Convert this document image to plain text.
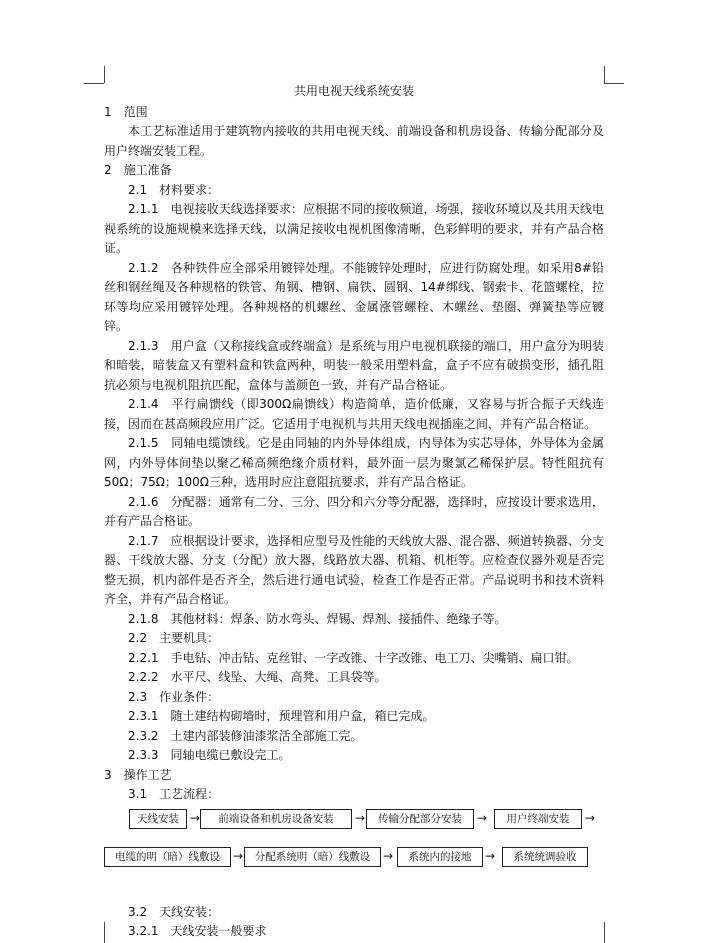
共用电视天线系统安装
1　范围
本工艺标准适用于建筑物内接收的共用电视天线、前端设备和机房设备、传输分配部分及用户终端安装工程。
2　施工准备
2.1　材料要求：
2.1.1　电视接收天线选择要求：应根据不同的接收频道，场强，接收环境以及共用天线电视系统的设施规模来选择天线，以满足接收电视机图像清晰，色彩鲜明的要求，并有产品合格证。
2.1.2　各种铁件应全部采用镀锌处理。不能镀锌处理时，应进行防腐处理。如采用8#铅丝和钢丝绳及各种规格的铁管、角钢、槽钢、扁铁、圆钢、14#绑线、钢索卡、花篮螺栓，拉环等均应采用镀锌处理。各种规格的机螺丝、金属涨管螺栓、木螺丝、垫圈、弹簧垫等应镀锌。
2.1.3　用户盒（又称接线盒或终端盒）是系统与用户电视机联接的端口，用户盒分为明装和暗装，暗装盒又有塑料盒和铁盒两种，明装一般采用塑料盒，盒子不应有破损变形，插孔阻抗必须与电视机阻抗匹配，盒体与盖颜色一致，并有产品合格证。
2.1.4　平行扁馈线（即300Ω扁馈线）构造简单，造价低廉，又容易与折合振子天线连接，因而在甚高频段应用广泛。它适用于电视机与共用天线电视插座之间，并有产品合格证。
2.1.5　同轴电缆馈线。它是由同轴的内外导体组成，内导体为实芯导体，外导体为金属网，内外导体间垫以聚乙稀高频绝缘介质材料，最外面一层为聚氯乙稀保护层。特性阻抗有50Ω；75Ω；100Ω三种，选用时应注意阻抗要求，并有产品合格证。
2.1.6　分配器：通常有二分、三分、四分和六分等分配器，选择时，应按设计要求选用，并有产品合格证。
2.1.7　应根据设计要求，选择相应型号及性能的天线放大器、混合器、频道转换器、分支器、干线放大器、分支（分配）放大器，线路放大器、机箱、机柜等。应检查仪器外观是否完整无损，机内部件是否齐全，然后进行通电试验，检查工作是否正常。产品说明书和技术资料齐全，并有产品合格证。
2.1.8　其他材料：焊条、防水弯头、焊锡、焊剂、接插件、绝缘子等。
2.2　主要机具：
2.2.1　手电钻、冲击钻、克丝钳、一字改锥、十字改锥、电工刀、尖嘴销、扁口钳。
2.2.2　水平尺、线坠、大绳、高凳、工具袋等。
2.3　作业条件：
2.3.1　随土建结构砌墙时，预埋管和用户盒，箱已完成。
2.3.2　土建内部装修油漆浆活全部施工完。
2.3.3　同轴电缆已敷设完工。
3　操作工艺
3.1　工艺流程：
天线安装 →	前端设备和机房设备安装	→	传输分配部分安装	→	用户终端安装	→
电缆的明（暗）线敷设	→	分配系统明（暗）线敷设	→	系统内的接地	→	系统统调验收
3.2　天线安装：
3.2.1　天线安装一般要求
